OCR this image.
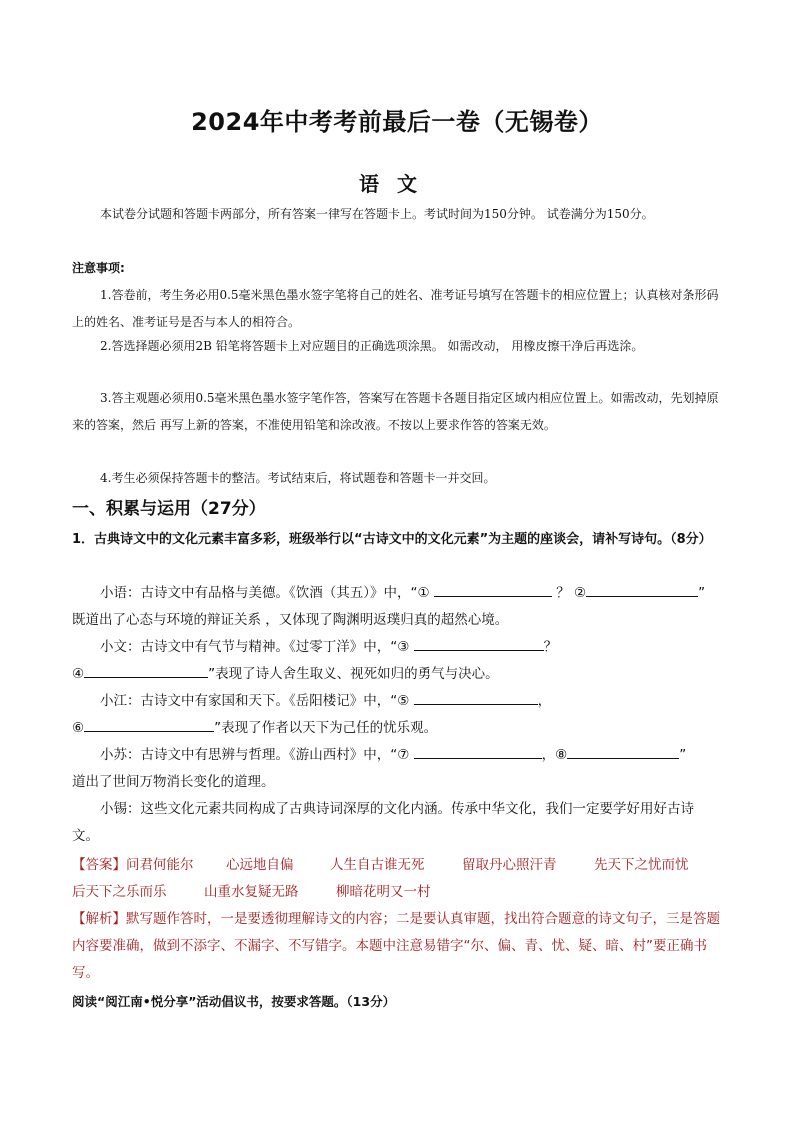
2024年中考考前最后一卷（无锡卷）
语文
本试卷分试题和答题卡两部分，所有答案一律写在答题卡上。考试时间为150分钟。 试卷满分为150分。
注意事项:
1.答卷前，考生务必用0.5毫米黑色墨水签字笔将自己的姓名、准考证号填写在答题卡的相应位置上；认真核对条形码上的姓名、准考证号是否与本人的相符合。
2.答选择题必须用2B 铅笔将答题卡上对应题目的正确选项涂黑。 如需改动， 用橡皮擦干净后再选涂。
3.答主观题必须用0.5毫米黑色墨水签字笔作答，答案写在答题卡各题目指定区域内相应位置上。如需改动，先划掉原来的答案，然后 再写上新的答案，不准使用铅笔和涂改液。不按以上要求作答的答案无效。
4.考生必须保持答题卡的整洁。考试结束后，将试题卷和答题卡一并交回。
一、积累与运用（27分）
1．古典诗文中的文化元素丰富多彩，班级举行以“古诗文中的文化元素”为主题的座谈会，请补写诗句。（8分）
小语：古诗文中有品格与美德。《饮酒（其五）》中，“①	？ ②	”
既道出了心态与环境的辩证关系 ，又体现了陶渊明返璞归真的超然心境。
小文：古诗文中有气节与精神。《过零丁洋》中，“③	？
④	”表现了诗人舍生取义、视死如归的勇气与决心。
小江：古诗文中有家国和天下。《岳阳楼记》中，“⑤	，
⑥	”表现了作者以天下为己任的忧乐观。
小苏：古诗文中有思辨与哲理。《游山西村》中，“⑦	，⑧	”
道出了世间万物消长变化的道理。
小锡：这些文化元素共同构成了古典诗词深厚的文化内涵。传承中华文化，我们一定要学好用好古诗
文。
【答案】问君何能尔 心远地自偏	人生自古谁无死	留取丹心照汗青	先天下之忧而忧
后天下之乐而乐	山重水复疑无路	柳暗花明又一村
【解析】默写题作答时，一是要透彻理解诗文的内容；二是要认真审题，找出符合题意的诗文句子，三是答题内容要准确，做到不添字、不漏字、不写错字。本题中注意易错字“尔、偏、青、忧、疑、暗、村”要正确书写。
阅读“阅江南•悦分享”活动倡议书，按要求答题。（13分）
